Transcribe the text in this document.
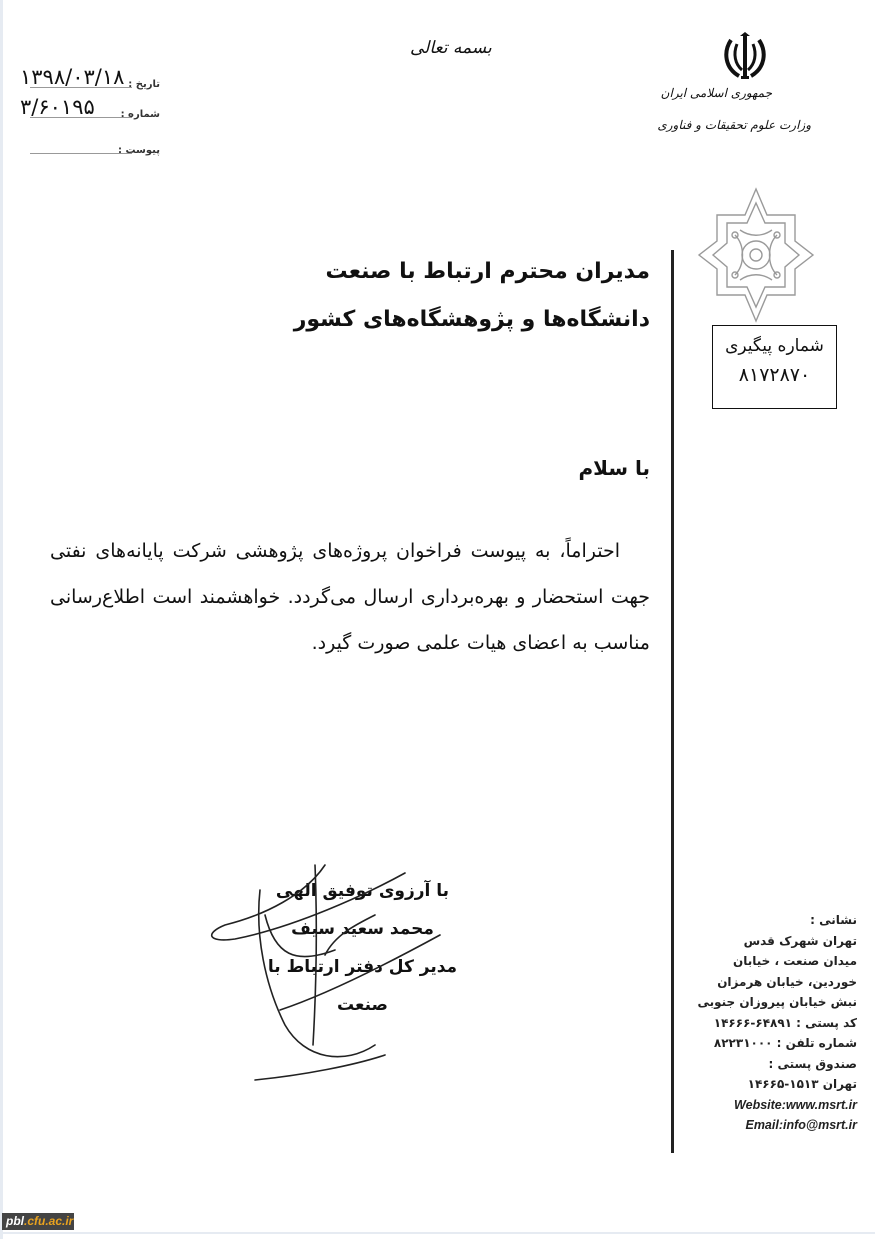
۱۳۹۸/۰۳/۱۸ تاریخ :
۳/۶۰۱۹۵	شماره :
پیوست :
بسمه تعالی
جمهوری اسلامی ایران
وزارت علوم تحقیقات و فناوری
شماره پیگیری
۸۱۷۲۸۷۰
مدیران محترم ارتباط با صنعت دانشگاه‌ها و پژوهشگاه‌های کشور
با سلام
احتراماً، به پیوست فراخوان پروژه‌های پژوهشی شرکت پایانه‌های نفتی جهت استحضار و بهره‌برداری ارسال می‌گردد. خواهشمند است اطلاع‌رسانی مناسب به اعضای هیات علمی صورت گیرد.
با آرزوی توفیق الهی
محمد سعید سیف
مدیر کل دفتر ارتباط با صنعت
نشانی :
تهران شهرک قدس
میدان صنعت ، خیابان
خوردین، خیابان هرمزان
نبش خیابان پیروزان جنوبی
کد پستی : ۶۴۸۹۱-۱۴۶۶۶
شماره تلفن : ۸۲۲۳۱۰۰۰
صندوق پستی :
تهران ۱۵۱۳-۱۴۶۶۵
Website:www.msrt.ir
Email:info@msrt.ir
pbl.cfu.ac.ir
